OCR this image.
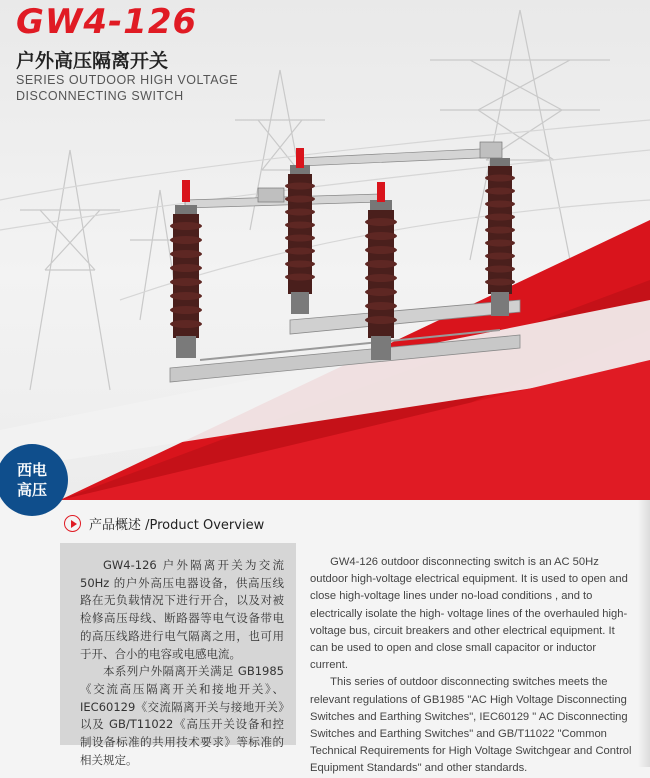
GW4-126
户外高压隔离开关
SERIES OUTDOOR HIGH VOLTAGE
DISCONNECTING SWITCH
西电
高压
产品概述 /Product Overview

GW4-126 户外隔离开关为交流 50Hz 的户外高压电器设备，供高压线路在无负载情况下进行开合，以及对被检修高压母线、断路器等电气设备带电的高压线路进行电气隔离之用，也可用于开、合小的电容或电感电流。

本系列户外隔离开关满足 GB1985《交流高压隔离开关和接地开关》、IEC60129《交流隔离开关与接地开关》以及 GB/T11022《高压开关设备和控制设备标准的共用技术要求》等标准的相关规定。

GW4-126 outdoor disconnecting switch is an AC 50Hz outdoor high-voltage electrical equipment. It is used to open and close high-voltage lines under no-load conditions , and to electrically isolate the high- voltage lines of the overhauled high- voltage bus, circuit breakers and other electrical equipment. It can be used to open and close small capacitor or inductor current.

This series of outdoor disconnecting switches meets the relevant regulations of GB1985 "AC High Voltage Disconnecting Switches and Earthing Switches", IEC60129 " AC Disconnecting Switches and Earthing Switches" and GB/T11022 "Common Technical Requirements for High Voltage Switchgear and Control Equipment Standards" and other standards.
